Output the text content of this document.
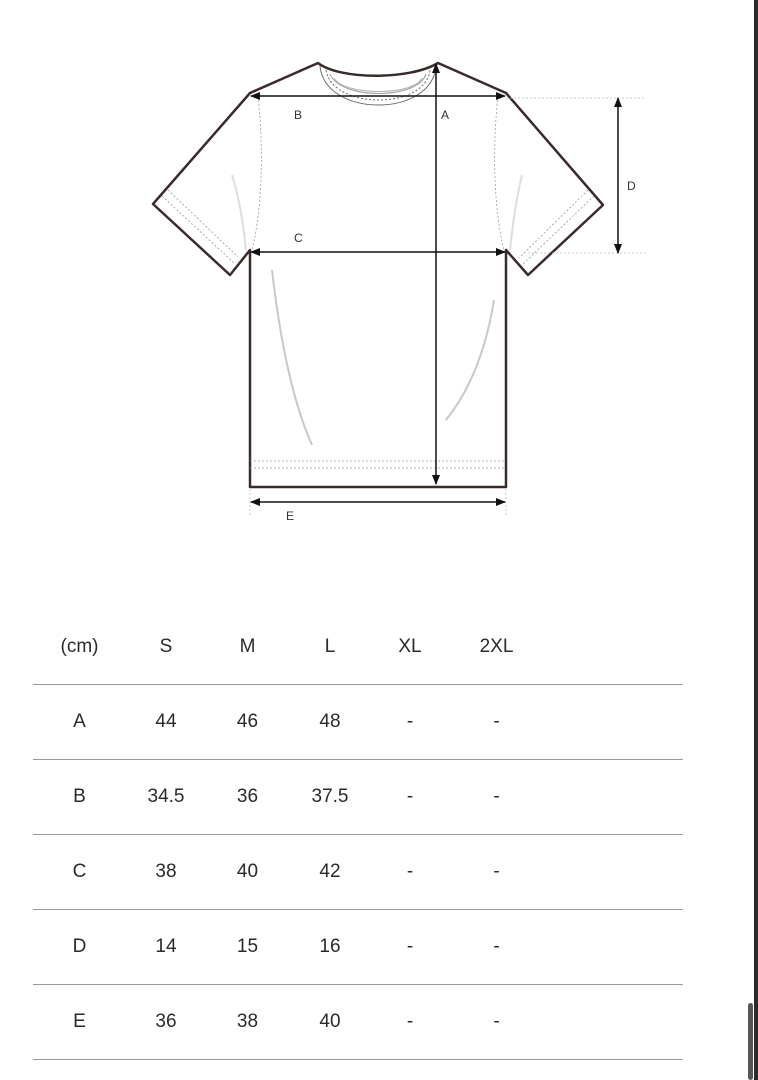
A
B
C
D
E
(cm)	S	M	L	XL	2XL	
A	44	46	48	-	-	
B	34.5	36	37.5	-	-	
C	38	40	42	-	-	
D	14	15	16	-	-	
E	36	38	40	-	-	
